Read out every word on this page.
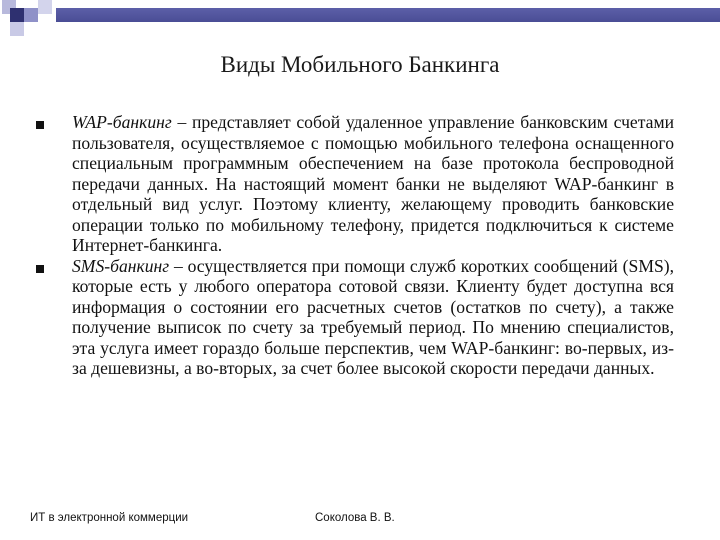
Виды Мобильного Банкинга

WAP-банкинг – представляет собой удаленное управление банковским счетами пользователя, осуществляемое с помощью мобильного телефона оснащенного специальным программным обеспечением на базе протокола беспроводной передачи данных. На настоящий момент банки не выделяют WAP-банкинг в отдельный вид услуг. Поэтому клиенту, желающему проводить банковские операции только по мобильному телефону, придется подключиться к системе Интернет-банкинга.

SMS-банкинг – осуществляется при помощи служб коротких сообщений (SMS), которые есть у любого оператора сотовой связи. Клиенту будет доступна вся информация о состоянии его расчетных счетов (остатков по счету), а также получение выписок по счету за требуемый период. По мнению специалистов, эта услуга имеет гораздо больше перспектив, чем WAP-банкинг: во-первых, из-за дешевизны, а во-вторых, за счет более высокой скорости передачи данных.

ИТ в электронной коммерции	Соколова В. В.
